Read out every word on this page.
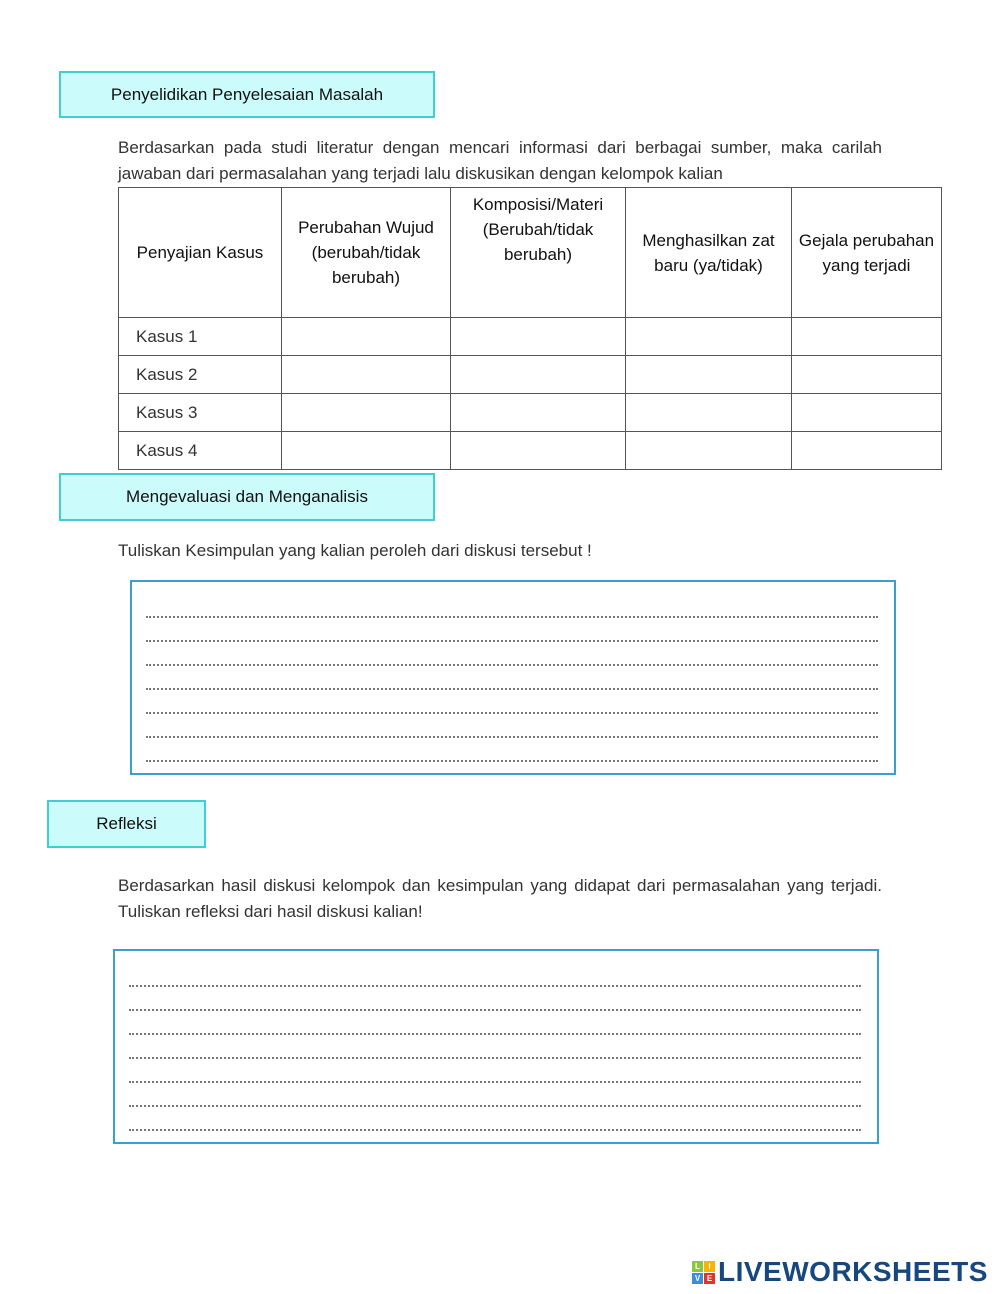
Penyelidikan Penyelesaian Masalah
Berdasarkan pada studi literatur dengan mencari informasi dari berbagai sumber, maka carilah jawaban dari permasalahan yang terjadi lalu diskusikan dengan kelompok kalian
Penyajian Kasus	Perubahan Wujud (berubah/tidak berubah)	Komposisi/Materi (Berubah/tidak berubah)	Menghasilkan zat baru (ya/tidak)	Gejala perubahan yang terjadi
Kasus 1				
Kasus 2				
Kasus 3				
Kasus 4				
Mengevaluasi dan Menganalisis
Tuliskan Kesimpulan yang kalian peroleh dari diskusi tersebut !
Refleksi
Berdasarkan hasil diskusi kelompok dan kesimpulan yang didapat dari permasalahan yang terjadi. Tuliskan refleksi dari hasil diskusi kalian!
L	I
V E LIVEWORKSHEETS
